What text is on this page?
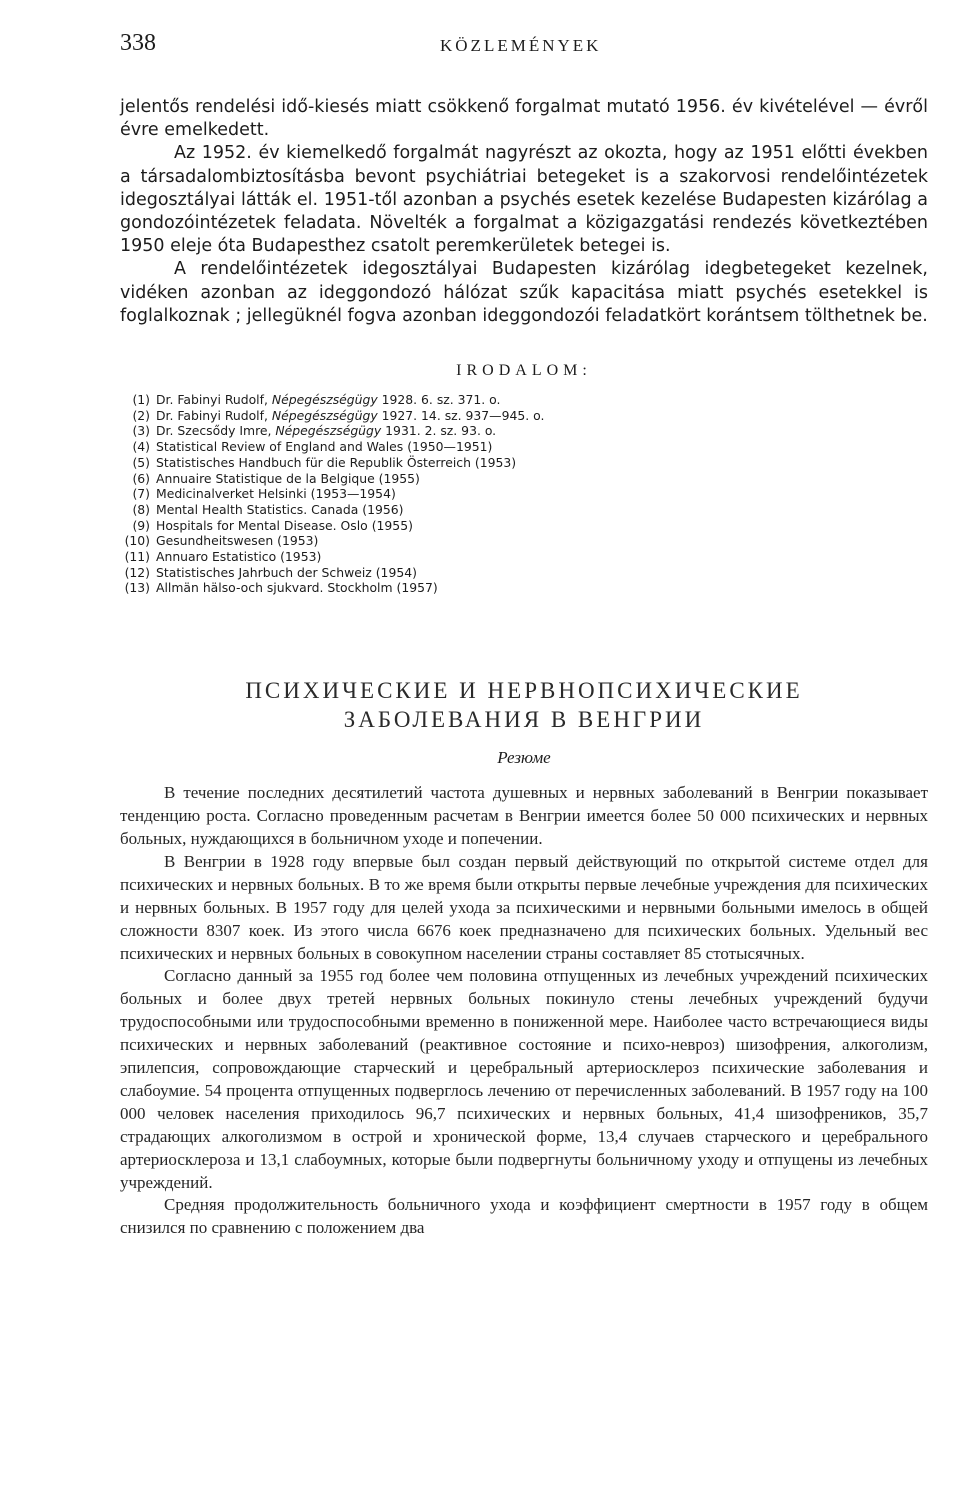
338	KÖZLEMÉNYEK

jelentős rendelési idő-kiesés miatt csökkenő forgalmat mutató 1956. év kivételével — évről évre emelkedett.

Az 1952. év kiemelkedő forgalmát nagyrészt az okozta, hogy az 1951 előtti években a társadalombiztosításba bevont psychiátriai betegeket is a szakorvosi rendelőintézetek idegosztályai látták el. 1951-től azonban a psychés esetek kezelése Budapesten kizárólag a gondozóintézetek feladata. Növelték a forgalmat a közigazgatási rendezés következtében 1950 eleje óta Budapesthez csatolt peremkerületek betegei is.

A rendelőintézetek idegosztályai Budapesten kizárólag idegbetegeket kezelnek, vidéken azonban az ideggondozó hálózat szűk kapacitása miatt psychés esetekkel is foglalkoznak ; jellegüknél fogva azonban ideggondozói feladatkört korántsem tölthetnek be.

IRODALOM:
(1) Dr. Fabinyi Rudolf, Népegészségügy 1928. 6. sz. 371. o.
(2) Dr. Fabinyi Rudolf, Népegészségügy 1927. 14. sz. 937—945. o.
(3) Dr. Szecsődy Imre, Népegészségügy 1931. 2. sz. 93. o.
(4) Statistical Review of England and Wales (1950—1951)
(5) Statistisches Handbuch für die Republik Österreich (1953)
(6) Annuaire Statistique de la Belgique (1955)
(7) Medicinalverket Helsinki (1953—1954)
(8) Mental Health Statistics. Canada (1956)
(9) Hospitals for Mental Disease. Oslo (1955)
(10) Gesundheitswesen (1953)
(11) Annuaro Estatistico (1953)
(12) Statistisches Jahrbuch der Schweiz (1954)
(13) Allmän hälso-och sjukvard. Stockholm (1957)
ПСИХИЧЕСКИЕ И НЕРВНОПСИХИЧЕСКИЕ
ЗАБОЛЕВАНИЯ В ВЕНГРИИ
Резюме

В течение последних десятилетий частота душевных и нервных заболеваний в Венгрии показывает тенденцию роста. Согласно проведенным расчетам в Венгрии имеется более 50 000 психических и нервных больных, нуждающихся в больничном уходе и попечении.

В Венгрии в 1928 году впервые был создан первый действующий по открытой системе отдел для психических и нервных больных. В то же время были открыты первые лечебные учреждения для психических и нервных больных. В 1957 году для целей ухода за психическими и нервными больными имелось в общей сложности 8307 коек. Из этого числа 6676 коек предназначено для психических больных. Удельный вес психических и нервных больных в совокупном населении страны составляет 85 стотысячных.

Согласно данный за 1955 год более чем половина отпущенных из лечебных учреждений психических больных и более двух третей нервных больных покинуло стены лечебных учреждений будучи трудоспособными или трудоспособными временно в пониженной мере. Наиболее часто встречающиеся виды психических и нервных заболеваний (реактивное состояние и психо-невроз) шизофрения, алкоголизм, эпилепсия, сопровождающие старческий и церебральный артериосклероз психические заболевания и слабоумие. 54 процента отпущенных подверглось лечению от перечисленных заболеваний. В 1957 году на 100 000 человек населения приходилось 96,7 психических и нервных больных, 41,4 шизофреников, 35,7 страдающих алкоголизмом в острой и хронической форме, 13,4 случаев старческого и церебрального артериосклероза и 13,1 слабоумных, которые были подвергнуты больничному уходу и отпущены из лечебных учреждений.

Средняя продолжительность больничного ухода и коэффициент смертности в 1957 году в общем снизился по сравнению с положением два
